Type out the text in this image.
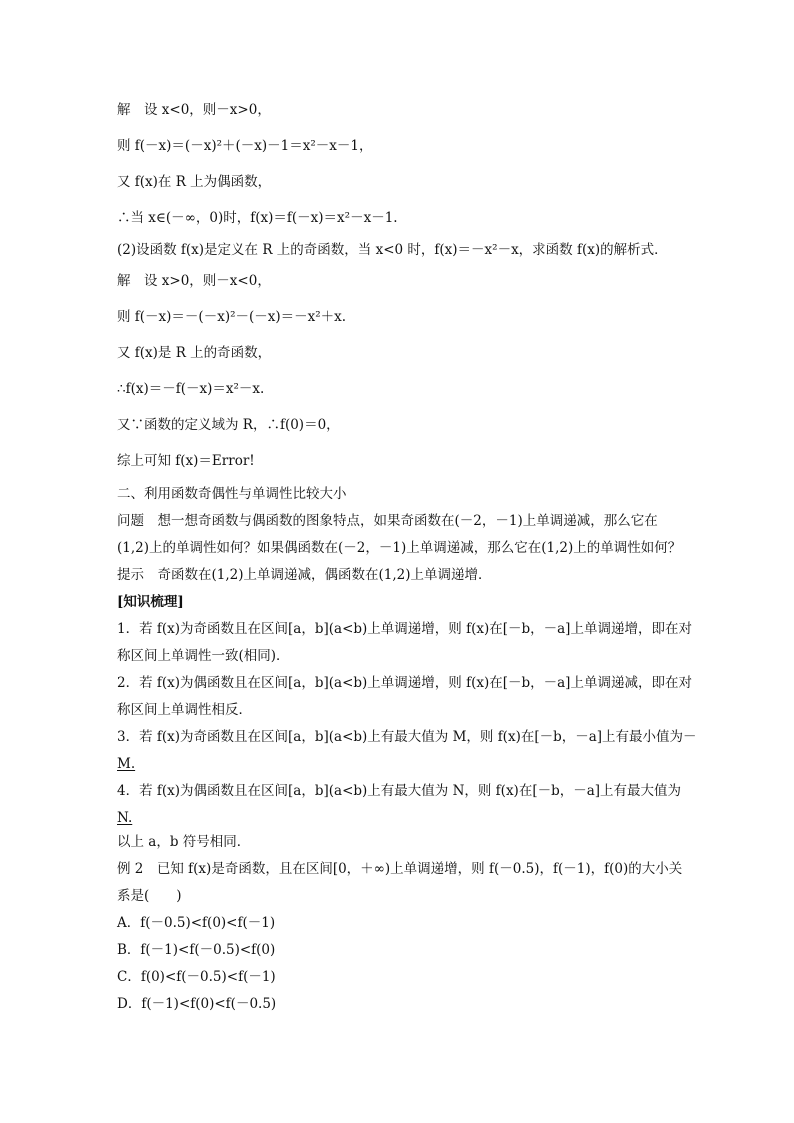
解　设 x<0，则－x>0，
则 f(－x)＝(－x)²＋(－x)－1＝x²－x－1，
又 f(x)在 R 上为偶函数，
∴当 x∈(－∞，0)时，f(x)＝f(－x)＝x²－x－1.
(2)设函数 f(x)是定义在 R 上的奇函数，当 x<0 时，f(x)＝－x²－x，求函数 f(x)的解析式．
解　设 x>0，则－x<0，
则 f(－x)＝－(－x)²－(－x)＝－x²＋x.
又 f(x)是 R 上的奇函数，
∴f(x)＝－f(－x)＝x²－x.
又∵函数的定义域为 R，∴f(0)＝0，
综上可知 f(x)＝Error!
二、利用函数奇偶性与单调性比较大小
问题　想一想奇函数与偶函数的图象特点，如果奇函数在(－2，－1)上单调递减，那么它在
(1,2)上的单调性如何？如果偶函数在(－2，－1)上单调递减，那么它在(1,2)上的单调性如何？
提示　奇函数在(1,2)上单调递减，偶函数在(1,2)上单调递增．
[知识梳理]
1．若 f(x)为奇函数且在区间[a，b](a<b)上单调递增，则 f(x)在[－b，－a]上单调递增，即在对
称区间上单调性一致(相同)．
2．若 f(x)为偶函数且在区间[a，b](a<b)上单调递增，则 f(x)在[－b，－a]上单调递减，即在对
称区间上单调性相反．
3．若 f(x)为奇函数且在区间[a，b](a<b)上有最大值为 M，则 f(x)在[－b，－a]上有最小值为－
M.
4．若 f(x)为偶函数且在区间[a，b](a<b)上有最大值为 N，则 f(x)在[－b，－a]上有最大值为
N.
以上 a，b 符号相同．
例 2　已知 f(x)是奇函数，且在区间[0，＋∞)上单调递增，则 f(－0.5)，f(－1)，f(0)的大小关
系是(　　)
A．f(－0.5)<f(0)<f(－1)
B．f(－1)<f(－0.5)<f(0)
C．f(0)<f(－0.5)<f(－1)
D．f(－1)<f(0)<f(－0.5)
